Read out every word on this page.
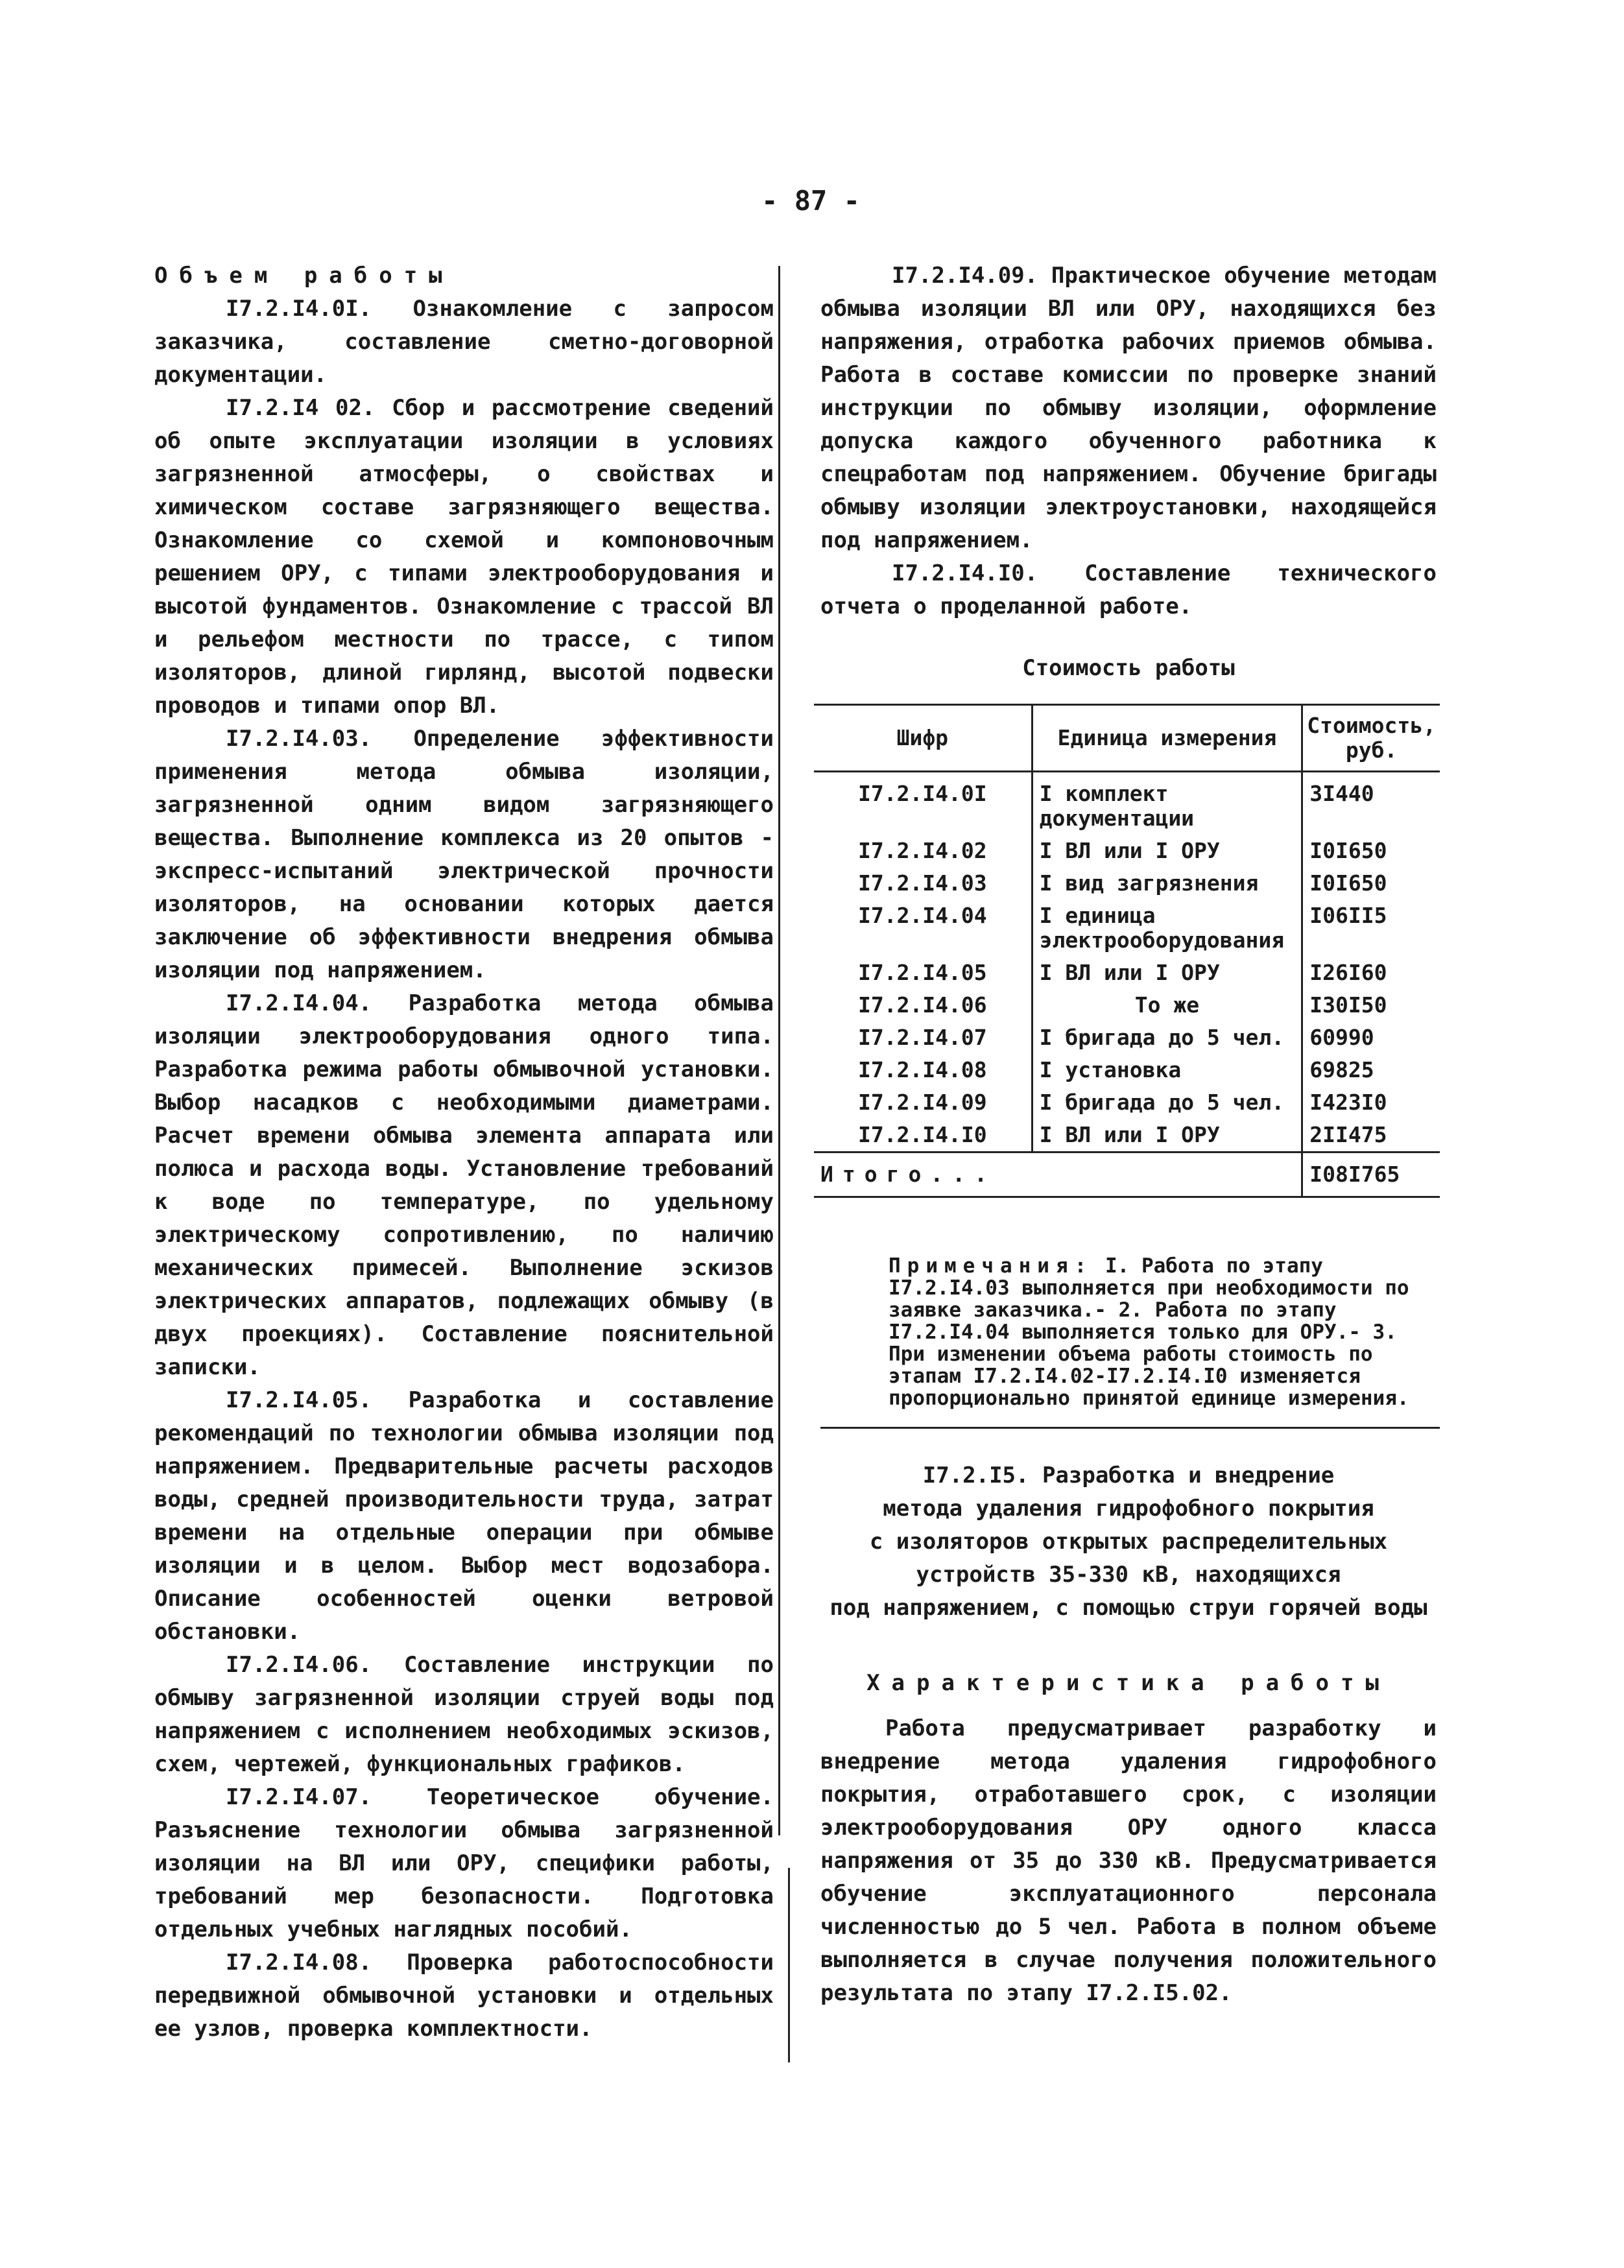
- 87 -

Объем работы

I7.2.I4.0I. Ознакомление с запросом заказчика, составление сметно-договорной документации.

I7.2.I4 02. Сбор и рассмотрение сведений об опыте эксплуатации изоляции в условиях загрязненной атмосферы, о свойствах и химическом составе загрязняющего вещества. Ознакомление со схемой и компоновочным решением ОРУ, с типами электрооборудования и высотой фундаментов. Ознакомление с трассой ВЛ и рельефом местности по трассе, с типом изоляторов, длиной гирлянд, высотой подвески проводов и типами опор ВЛ.

I7.2.I4.03. Определение эффективности применения метода обмыва изоляции, загрязненной одним видом загрязняющего вещества. Выполнение комплекса из 20 опытов - экспресс-испытаний электрической прочности изоляторов, на основании которых дается заключение об эффективности внедрения обмыва изоляции под напряжением.

I7.2.I4.04. Разработка метода обмыва изоляции электрооборудования одного типа. Разработка режима работы обмывочной установки. Выбор насадков с необходимыми диаметрами. Расчет времени обмыва элемента аппарата или полюса и расхода воды. Установление требований к воде по температуре, по удельному электрическому сопротивлению, по наличию механических примесей. Выполнение эскизов электрических аппаратов, подлежащих обмыву (в двух проекциях). Составление пояснительной записки.

I7.2.I4.05. Разработка и составление рекомендаций по технологии обмыва изоляции под напряжением. Предварительные расчеты расходов воды, средней производительности труда, затрат времени на отдельные операции при обмыве изоляции и в целом. Выбор мест водозабора. Описание особенностей оценки ветровой обстановки.

I7.2.I4.06. Составление инструкции по обмыву загрязненной изоляции струей воды под напряжением с исполнением необходимых эскизов, схем, чертежей, функциональных графиков.

I7.2.I4.07. Теоретическое обучение. Разъяснение технологии обмыва загрязненной изоляции на ВЛ или ОРУ, специфики работы, требований мер безопасности. Подготовка отдельных учебных наглядных пособий.

I7.2.I4.08. Проверка работоспособности передвижной обмывочной установки и отдельных ее узлов, проверка комплектности.

I7.2.I4.09. Практическое обучение методам обмыва изоляции ВЛ или ОРУ, находящихся без напряжения, отработка рабочих приемов обмыва. Работа в составе комиссии по проверке знаний инструкции по обмыву изоляции, оформление допуска каждого обученного работника к спецработам под напряжением. Обучение бригады обмыву изоляции электроустановки, находящейся под напряжением.

I7.2.I4.I0. Составление технического отчета о проделанной работе.

Стоимость работы
Шифр	Единица измерения	Стоимость, руб.
I7.2.I4.0I	I комплект документации	3I440
I7.2.I4.02	I ВЛ или I ОРУ	I0I650
I7.2.I4.03	I вид загрязнения	I0I650
I7.2.I4.04	I единица электрооборудования	I06II5
I7.2.I4.05	I ВЛ или I ОРУ	I26I60
I7.2.I4.06	То же	I30I50
I7.2.I4.07	I бригада до 5 чел.	60990
I7.2.I4.08	I установка	69825
I7.2.I4.09	I бригада до 5 чел.	I423I0
I7.2.I4.I0	I ВЛ или I ОРУ	2II475
Итого...		I08I765

Примечания: I. Работа по этапу I7.2.I4.03 выполняется при необходимости по заявке заказчика.- 2. Работа по этапу I7.2.I4.04 выполняется только для ОРУ.- 3. При изменении объема работы стоимость по этапам I7.2.I4.02-I7.2.I4.I0 изменяется пропорционально принятой единице измерения.

I7.2.I5. Разработка и внедрение
метода удаления гидрофобного покрытия
с изоляторов открытых распределительных
устройств 35-330 кВ, находящихся
под напряжением, с помощью струи горячей воды
Характеристика работы

Работа предусматривает разработку и внедрение метода удаления гидрофобного покрытия, отработавшего срок, с изоляции электрооборудования ОРУ одного класса напряжения от 35 до 330 кВ. Предусматривается обучение эксплуатационного персонала численностью до 5 чел. Работа в полном объеме выполняется в случае получения положительного результата по этапу I7.2.I5.02.
